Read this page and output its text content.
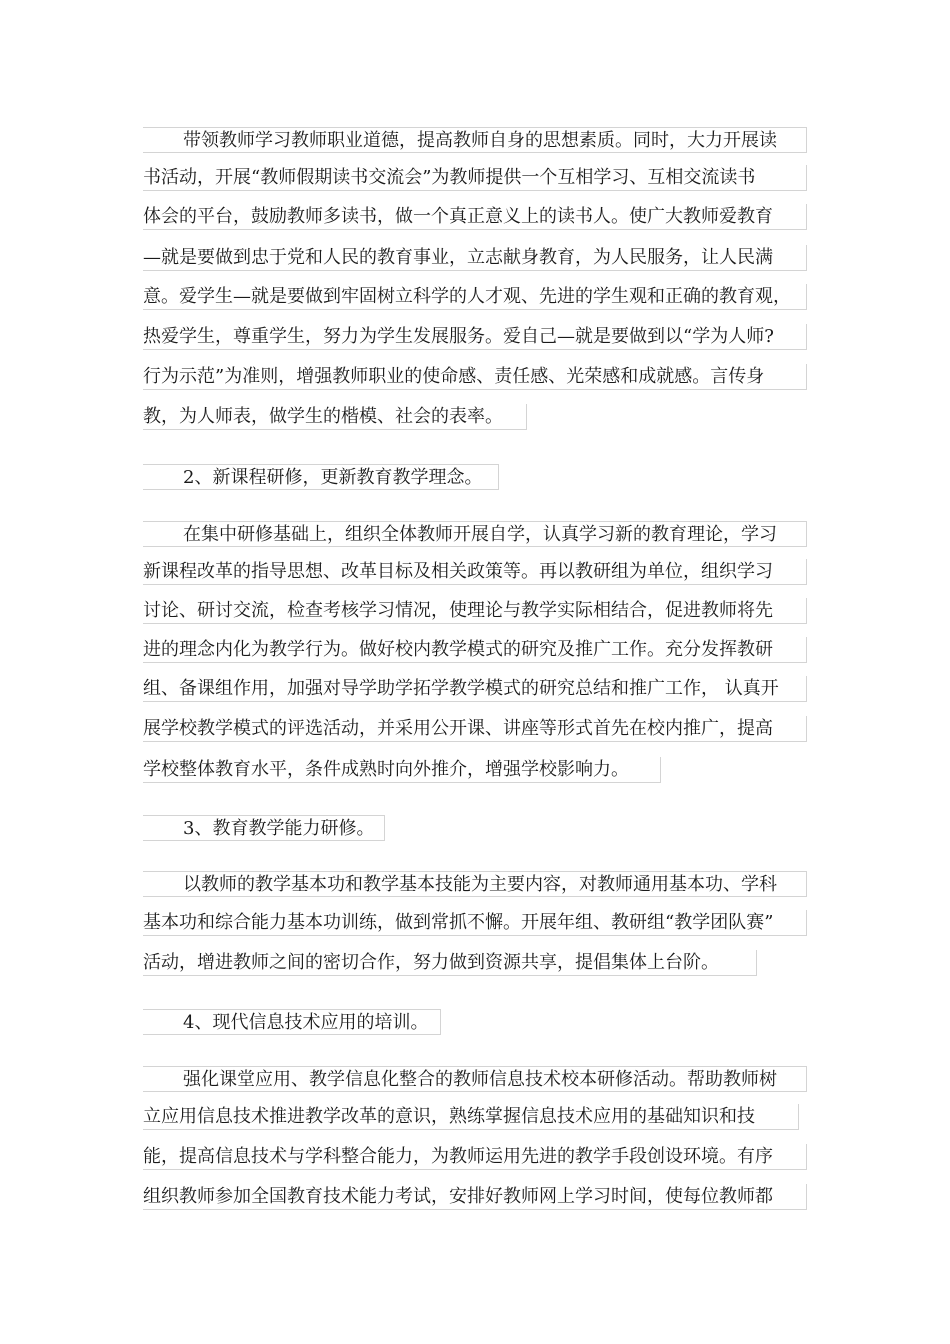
带领教师学习教师职业道德，提高教师自身的思想素质。同时，大力开展读
书活动，开展“教师假期读书交流会”为教师提供一个互相学习、互相交流读书
体会的平台，鼓励教师多读书，做一个真正意义上的读书人。使广大教师爱教育
—就是要做到忠于党和人民的教育事业，立志献身教育，为人民服务，让人民满
意。爱学生—就是要做到牢固树立科学的人才观、先进的学生观和正确的教育观，
热爱学生，尊重学生，努力为学生发展服务。爱自己—就是要做到以“学为人师?
行为示范”为准则，增强教师职业的使命感、责任感、光荣感和成就感。言传身
教，为人师表，做学生的楷模、社会的表率。
2、新课程研修，更新教育教学理念。
在集中研修基础上，组织全体教师开展自学，认真学习新的教育理论，学习
新课程改革的指导思想、改革目标及相关政策等。再以教研组为单位，组织学习
讨论、研讨交流，检查考核学习情况，使理论与教学实际相结合，促进教师将先
进的理念内化为教学行为。做好校内教学模式的研究及推广工作。充分发挥教研
组、备课组作用，加强对导学助学拓学教学模式的研究总结和推广工作， 认真开
展学校教学模式的评选活动，并采用公开课、讲座等形式首先在校内推广，提高
学校整体教育水平，条件成熟时向外推介，增强学校影响力。
3、教育教学能力研修。
以教师的教学基本功和教学基本技能为主要内容，对教师通用基本功、学科
基本功和综合能力基本功训练，做到常抓不懈。开展年组、教研组“教学团队赛”
活动，增进教师之间的密切合作，努力做到资源共享，提倡集体上台阶。
4、现代信息技术应用的培训。
强化课堂应用、教学信息化整合的教师信息技术校本研修活动。帮助教师树
立应用信息技术推进教学改革的意识，熟练掌握信息技术应用的基础知识和技
能，提高信息技术与学科整合能力，为教师运用先进的教学手段创设环境。有序
组织教师参加全国教育技术能力考试，安排好教师网上学习时间，使每位教师都
